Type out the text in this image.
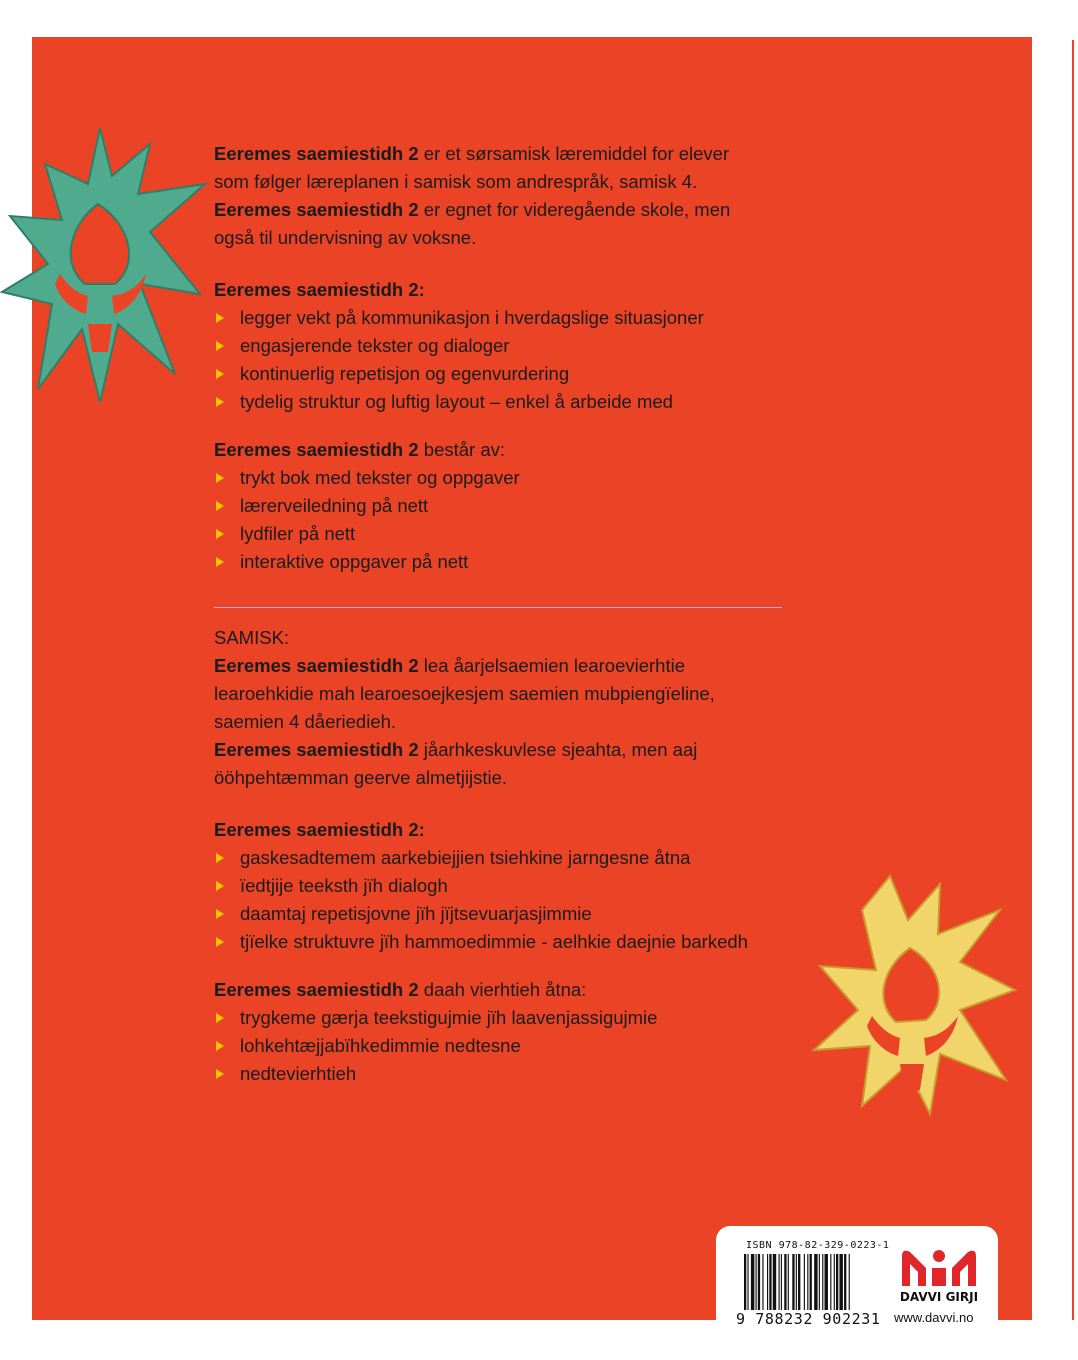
Eeremes saemiestidh 2 er et sørsamisk læremiddel for elever
som følger læreplanen i samisk som andrespråk, samisk 4.
Eeremes saemiestidh 2 er egnet for videregående skole, men
også til undervisning av voksne.

Eeremes saemiestidh 2:

legger vekt på kommunikasjon i hverdagslige situasjoner
engasjerende tekster og dialoger
kontinuerlig repetisjon og egenvurdering
tydelig struktur og luftig layout – enkel å arbeide med

Eeremes saemiestidh 2 består av:

trykt bok med tekster og oppgaver
lærerveiledning på nett
lydfiler på nett
interaktive oppgaver på nett

SAMISK:

Eeremes saemiestidh 2 lea åarjelsaemien learoevierhtie
learoehkidie mah learoesoejkesjem saemien mubpiengïeline,
saemien 4 dåeriedieh.
Eeremes saemiestidh 2 jåarhkeskuvlese sjeahta, men aaj
ööhpehtæmman geerve almetjijstie.

Eeremes saemiestidh 2:

gaskesadtemem aarkebiejjien tsiehkine jarngesne åtna
ïedtjije teeksth jïh dialogh
daamtaj repetisjovne jïh jïjtsevuarjasjimmie
tjïelke struktuvre jïh hammoedimmie - aelhkie daejnie barkedh

Eeremes saemiestidh 2 daah vierhtieh åtna:

trygkeme gærja teekstigujmie jïh laavenjassigujmie
lohkehtæjjabïhkedimmie nedtesne
nedtevierhtieh
ISBN 978-82-329-0223-1
9 788232 902231
DAVVI GIRJI
www.davvi.no
